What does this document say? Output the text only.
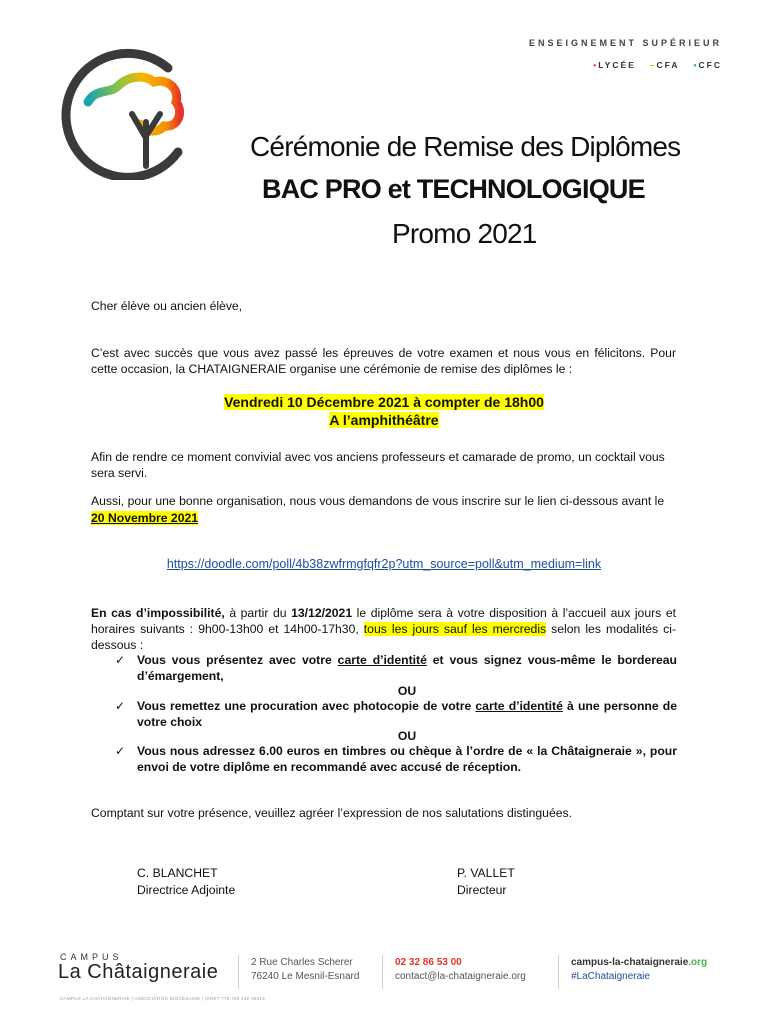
ENSEIGNEMENT SUPÉRIEUR
•LYCÉE –CFA •CFC
Cérémonie de Remise des Diplômes
BAC PRO et TECHNOLOGIQUE
Promo 2021
Cher élève ou ancien élève,
C’est avec succès que vous avez passé les épreuves de votre examen et nous vous en félicitons. Pour cette occasion, la CHATAIGNERAIE organise une cérémonie de remise des diplômes le :
Vendredi 10 Décembre 2021 à compter de 18h00
A l’amphithéâtre
Afin de rendre ce moment convivial avec vos anciens professeurs et camarade de promo, un cocktail vous sera servi.
Aussi, pour une bonne organisation, nous vous demandons de vous inscrire sur le lien ci-dessous avant le
20 Novembre 2021
https://doodle.com/poll/4b38zwfrmgfqfr2p?utm_source=poll&utm_medium=link
En cas d’impossibilité, à partir du 13/12/2021 le diplôme sera à votre disposition à l’accueil aux jours et horaires suivants : 9h00-13h00 et 14h00-17h30, tous les jours sauf les mercredis selon les modalités ci-dessous :
✓ Vous vous présentez avec votre carte d’identité et vous signez vous-même le bordereau d’émargement,
OU
✓ Vous remettez une procuration avec photocopie de votre carte d’identité à une personne de votre choix
OU
✓ Vous nous adressez 6.00 euros en timbres ou chèque à l’ordre de « la Châtaigneraie », pour envoi de votre diplôme en recommandé avec accusé de réception.
Comptant sur votre présence, veuillez agréer l’expression de nos salutations distinguées.
C. BLANCHET
Directrice Adjointe
P. VALLET
Directeur
CAMPUS
La Châtaigneraie	2 Rue Charles Scherer
76240 Le Mesnil-Esnard
02 32 86 53 00
contact@la-chataigneraie.org
campus-la-chataigneraie.org
#LaChataigneraie
CAMPUS LA CHATAIGNERAIE | ASSOCIATION DIOCÉSAINE | SIRET 775 760 442 00015
